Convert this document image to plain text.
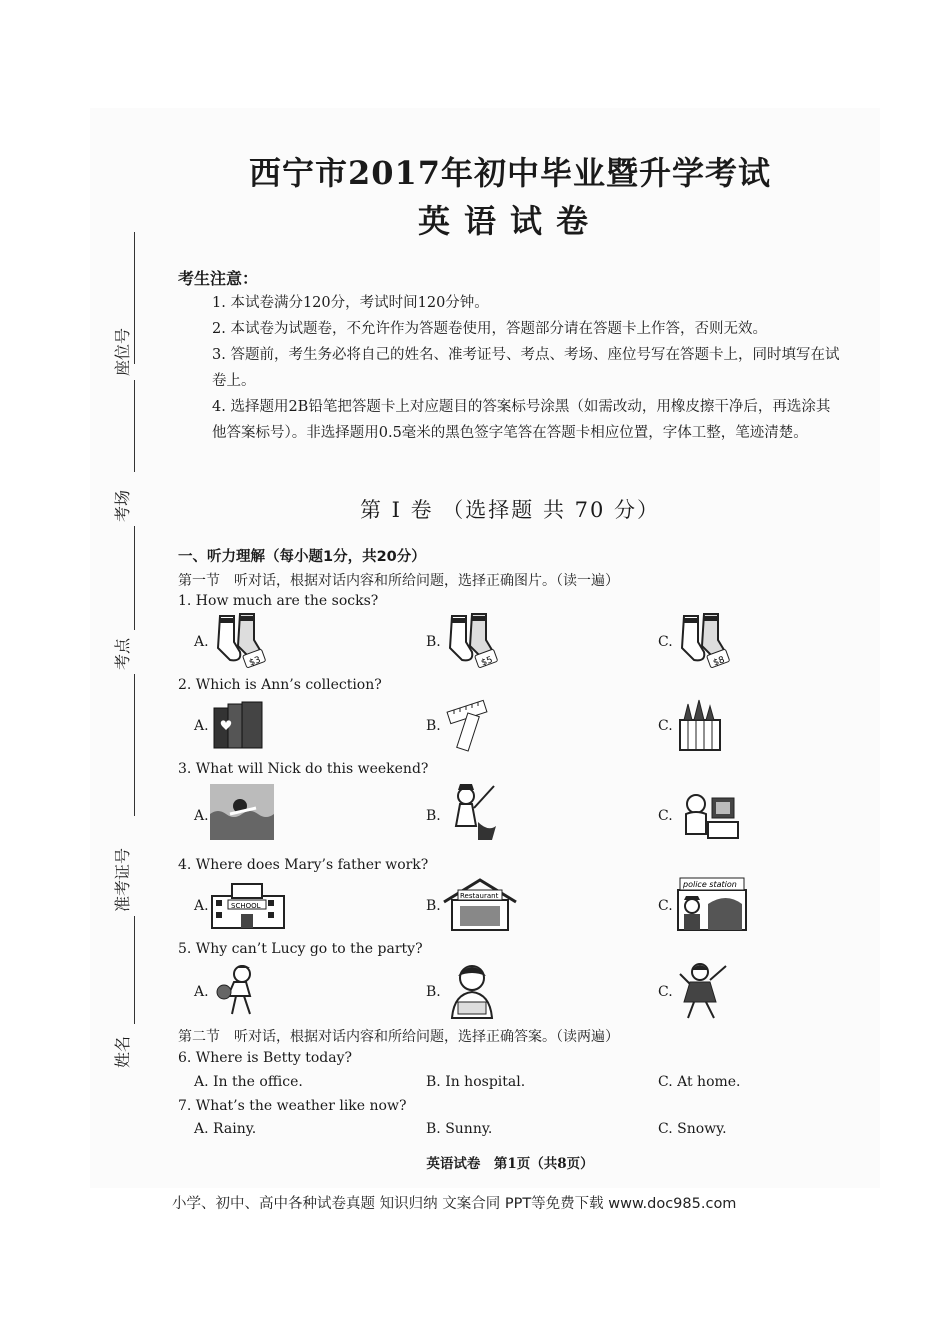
座位号
考场
考点
准考证号
姓名
西宁市2017年初中毕业暨升学考试
英语试卷
考生注意：
1. 本试卷满分120分，考试时间120分钟。
2. 本试卷为试题卷，不允许作为答题卷使用，答题部分请在答题卡上作答，否则无效。
3. 答题前，考生务必将自己的姓名、准考证号、考点、考场、座位号写在答题卡上，同时填写在试卷上。
4. 选择题用2B铅笔把答题卡上对应题目的答案标号涂黑（如需改动，用橡皮擦干净后，再选涂其他答案标号）。非选择题用0.5毫米的黑色签字笔答在答题卡相应位置，字体工整，笔迹清楚。
第 I 卷 （选择题 共 70 分）
一、听力理解（每小题1分，共20分）
第一节　听对话，根据对话内容和所给问题，选择正确图片。（读一遍）
1. How much are the socks?
A.	B.	C.
$3	$5	$8
2. Which is Ann’s collection?
A.	B.	C.
3. What will Nick do this weekend?
A.	B.	C.
4. Where does Mary’s father work?
A.	B.	C.
SCHOOL
Restaurant
police station
5. Why can’t Lucy go to the party?
A.	B.	C.
第二节　听对话，根据对话内容和所给问题，选择正确答案。（读两遍）
6. Where is Betty today?
A. In the office.	B. In hospital.	C. At home.
7. What’s the weather like now?
A. Rainy.	B. Sunny.	C. Snowy.
英语试卷　第1页（共8页）
小学、初中、高中各种试卷真题 知识归纳 文案合同 PPT等免费下载 www.doc985.com
